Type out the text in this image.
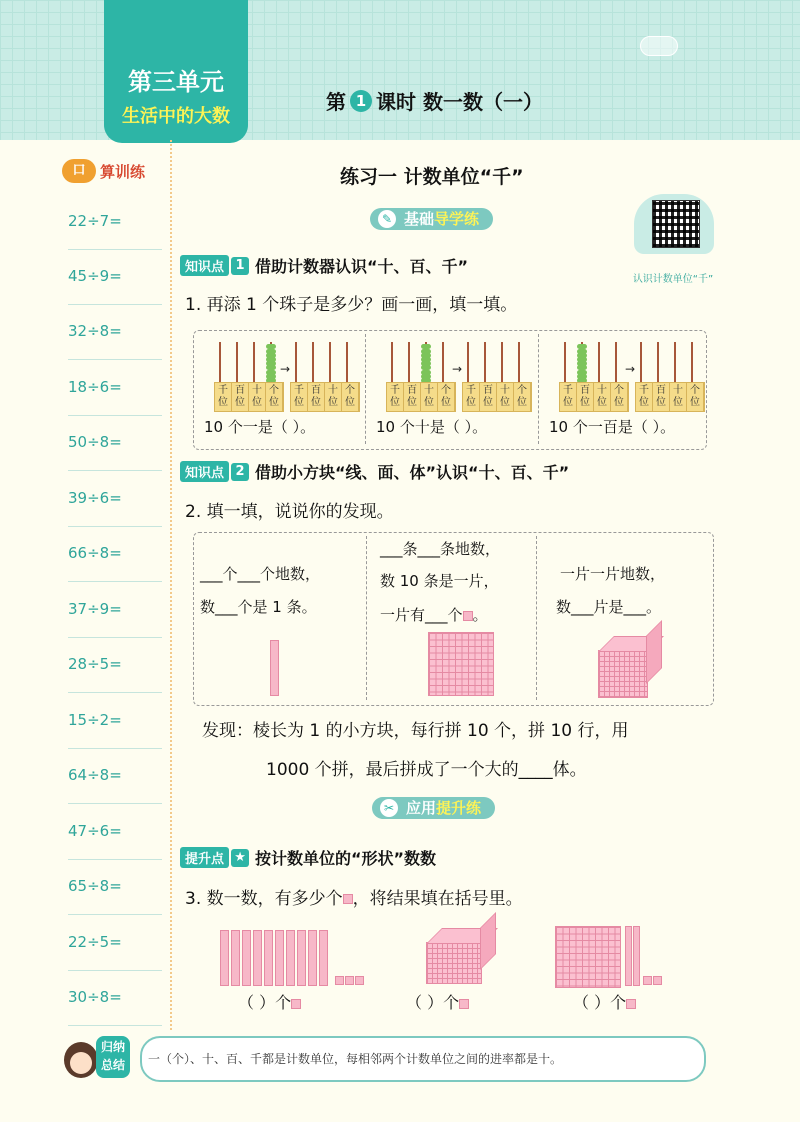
第三单元
生活中的大数
第 1 课时 数一数（一）
口 算训练
22÷7=
45÷9=
32÷8=
18÷6=
50÷8=
39÷6=
66÷8=
37÷9=
28÷5=
15÷2=
64÷8=
47÷6=
65÷8=
22÷5=
30÷8=
练习一 计数单位“千”
✎ 基础导学练
认识计数单位“千”
知识点 1 借助计数器认识“十、百、千”
1. 再添 1 个珠子是多少？画一画，填一填。
千
位
百
位
十
位
个
位
千
位
百
位
十
位
个
位
→
10 个一是（ ）。
千
位
百
位
十
位
个
位
千
位
百
位
十
位
个
位
→
10 个十是（ ）。
千
位
百
位
十
位
个
位
千
位
百
位
十
位
个
位
→
10 个一百是（ ）。
知识点 2 借助小方块“线、面、体”认识“十、百、千”
2. 填一填，说说你的发现。
___个___个地数，
数___个是 1 条。
___条___条地数，
数 10 条是一片，
一片有___个 。
一片一片地数，
数___片是___。
发现：棱长为 1 的小方块，每行拼 10 个，拼 10 行，用
1000 个拼，最后拼成了一个大的____体。
✂ 应用提升练
提升点 ★ 按计数单位的“形状”数数
3. 数一数，有多少个 ，将结果填在括号里。
（ ）个	（ ）个	（ ）个
归纳
总结	一（个）、十、百、千都是计数单位，每相邻两个计数单位之间的进率都是十。
